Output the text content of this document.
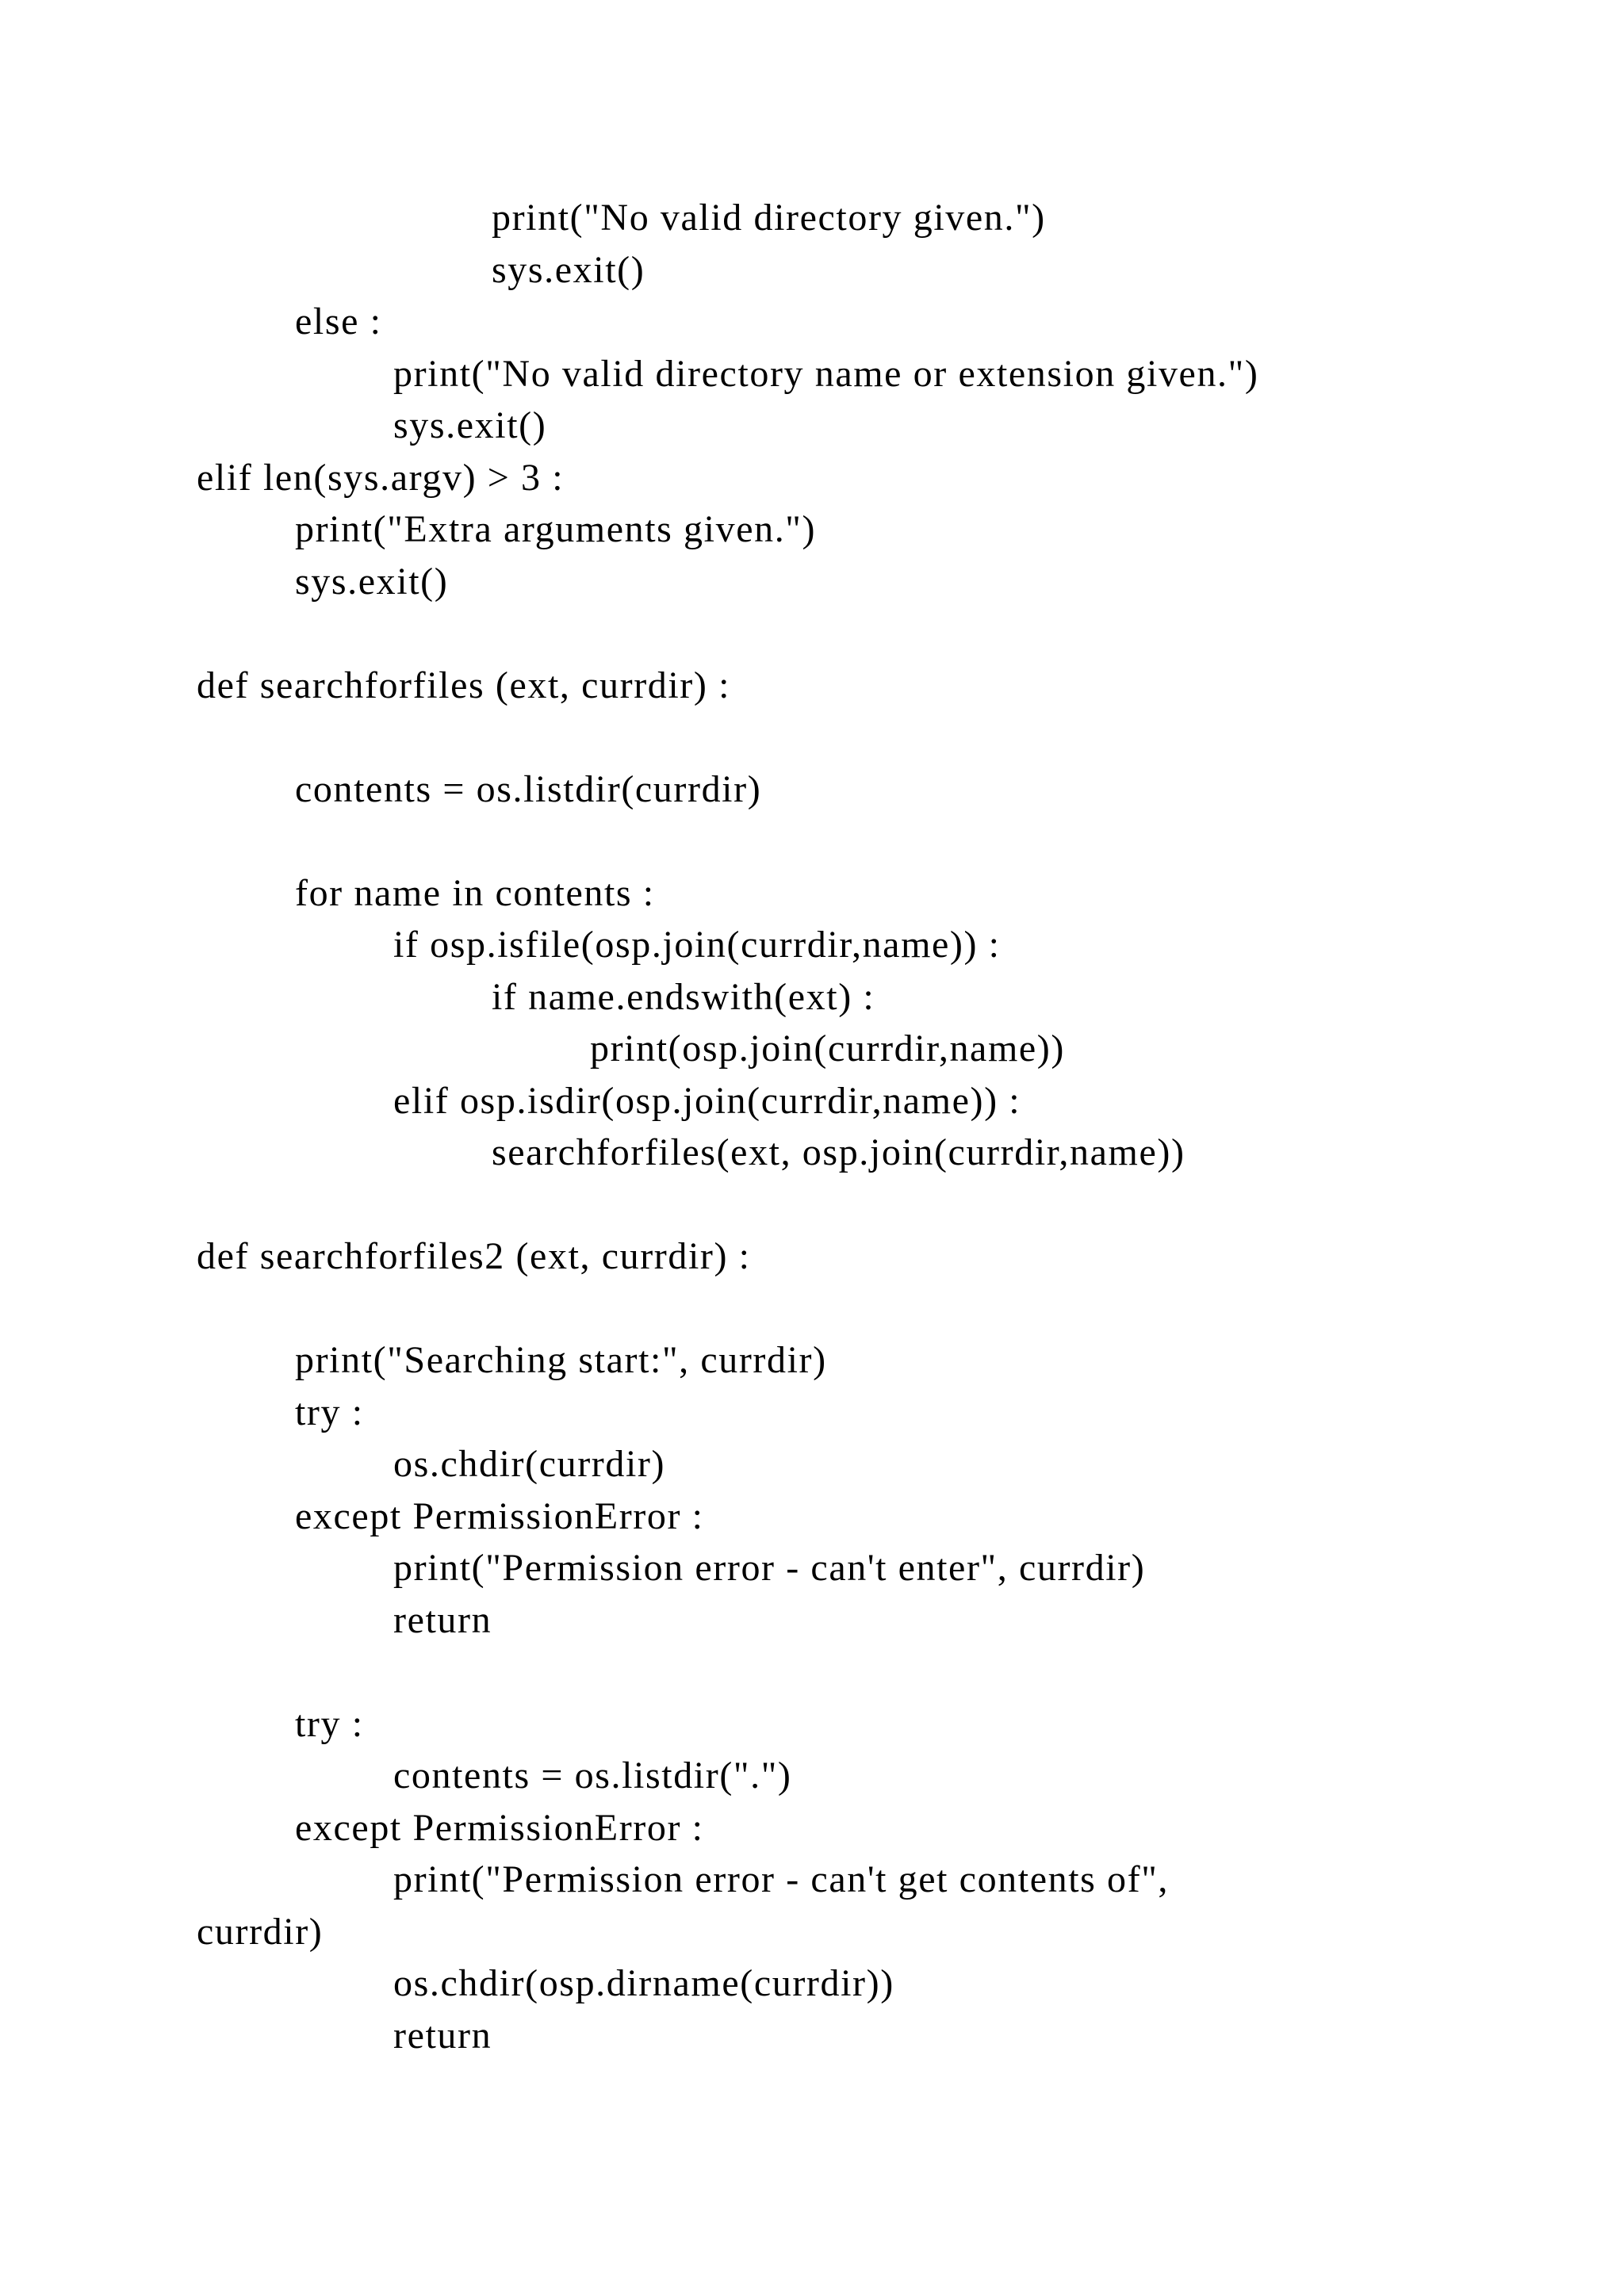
print("No valid directory given.")
sys.exit()
else :
print("No valid directory name or extension given.")
sys.exit()
elif len(sys.argv) > 3 :
print("Extra arguments given.")
sys.exit()
def searchforfiles (ext, currdir) :
contents = os.listdir(currdir)
for name in contents :
if osp.isfile(osp.join(currdir,name)) :
if name.endswith(ext) :
print(osp.join(currdir,name))
elif osp.isdir(osp.join(currdir,name)) :
searchforfiles(ext, osp.join(currdir,name))
def searchforfiles2 (ext, currdir) :
print("Searching start:", currdir)
try :
os.chdir(currdir)
except PermissionError :
print("Permission error - can't enter", currdir)
return
try :
contents = os.listdir(".")
except PermissionError :
print("Permission error - can't get contents of",
currdir)
os.chdir(osp.dirname(currdir))
return
